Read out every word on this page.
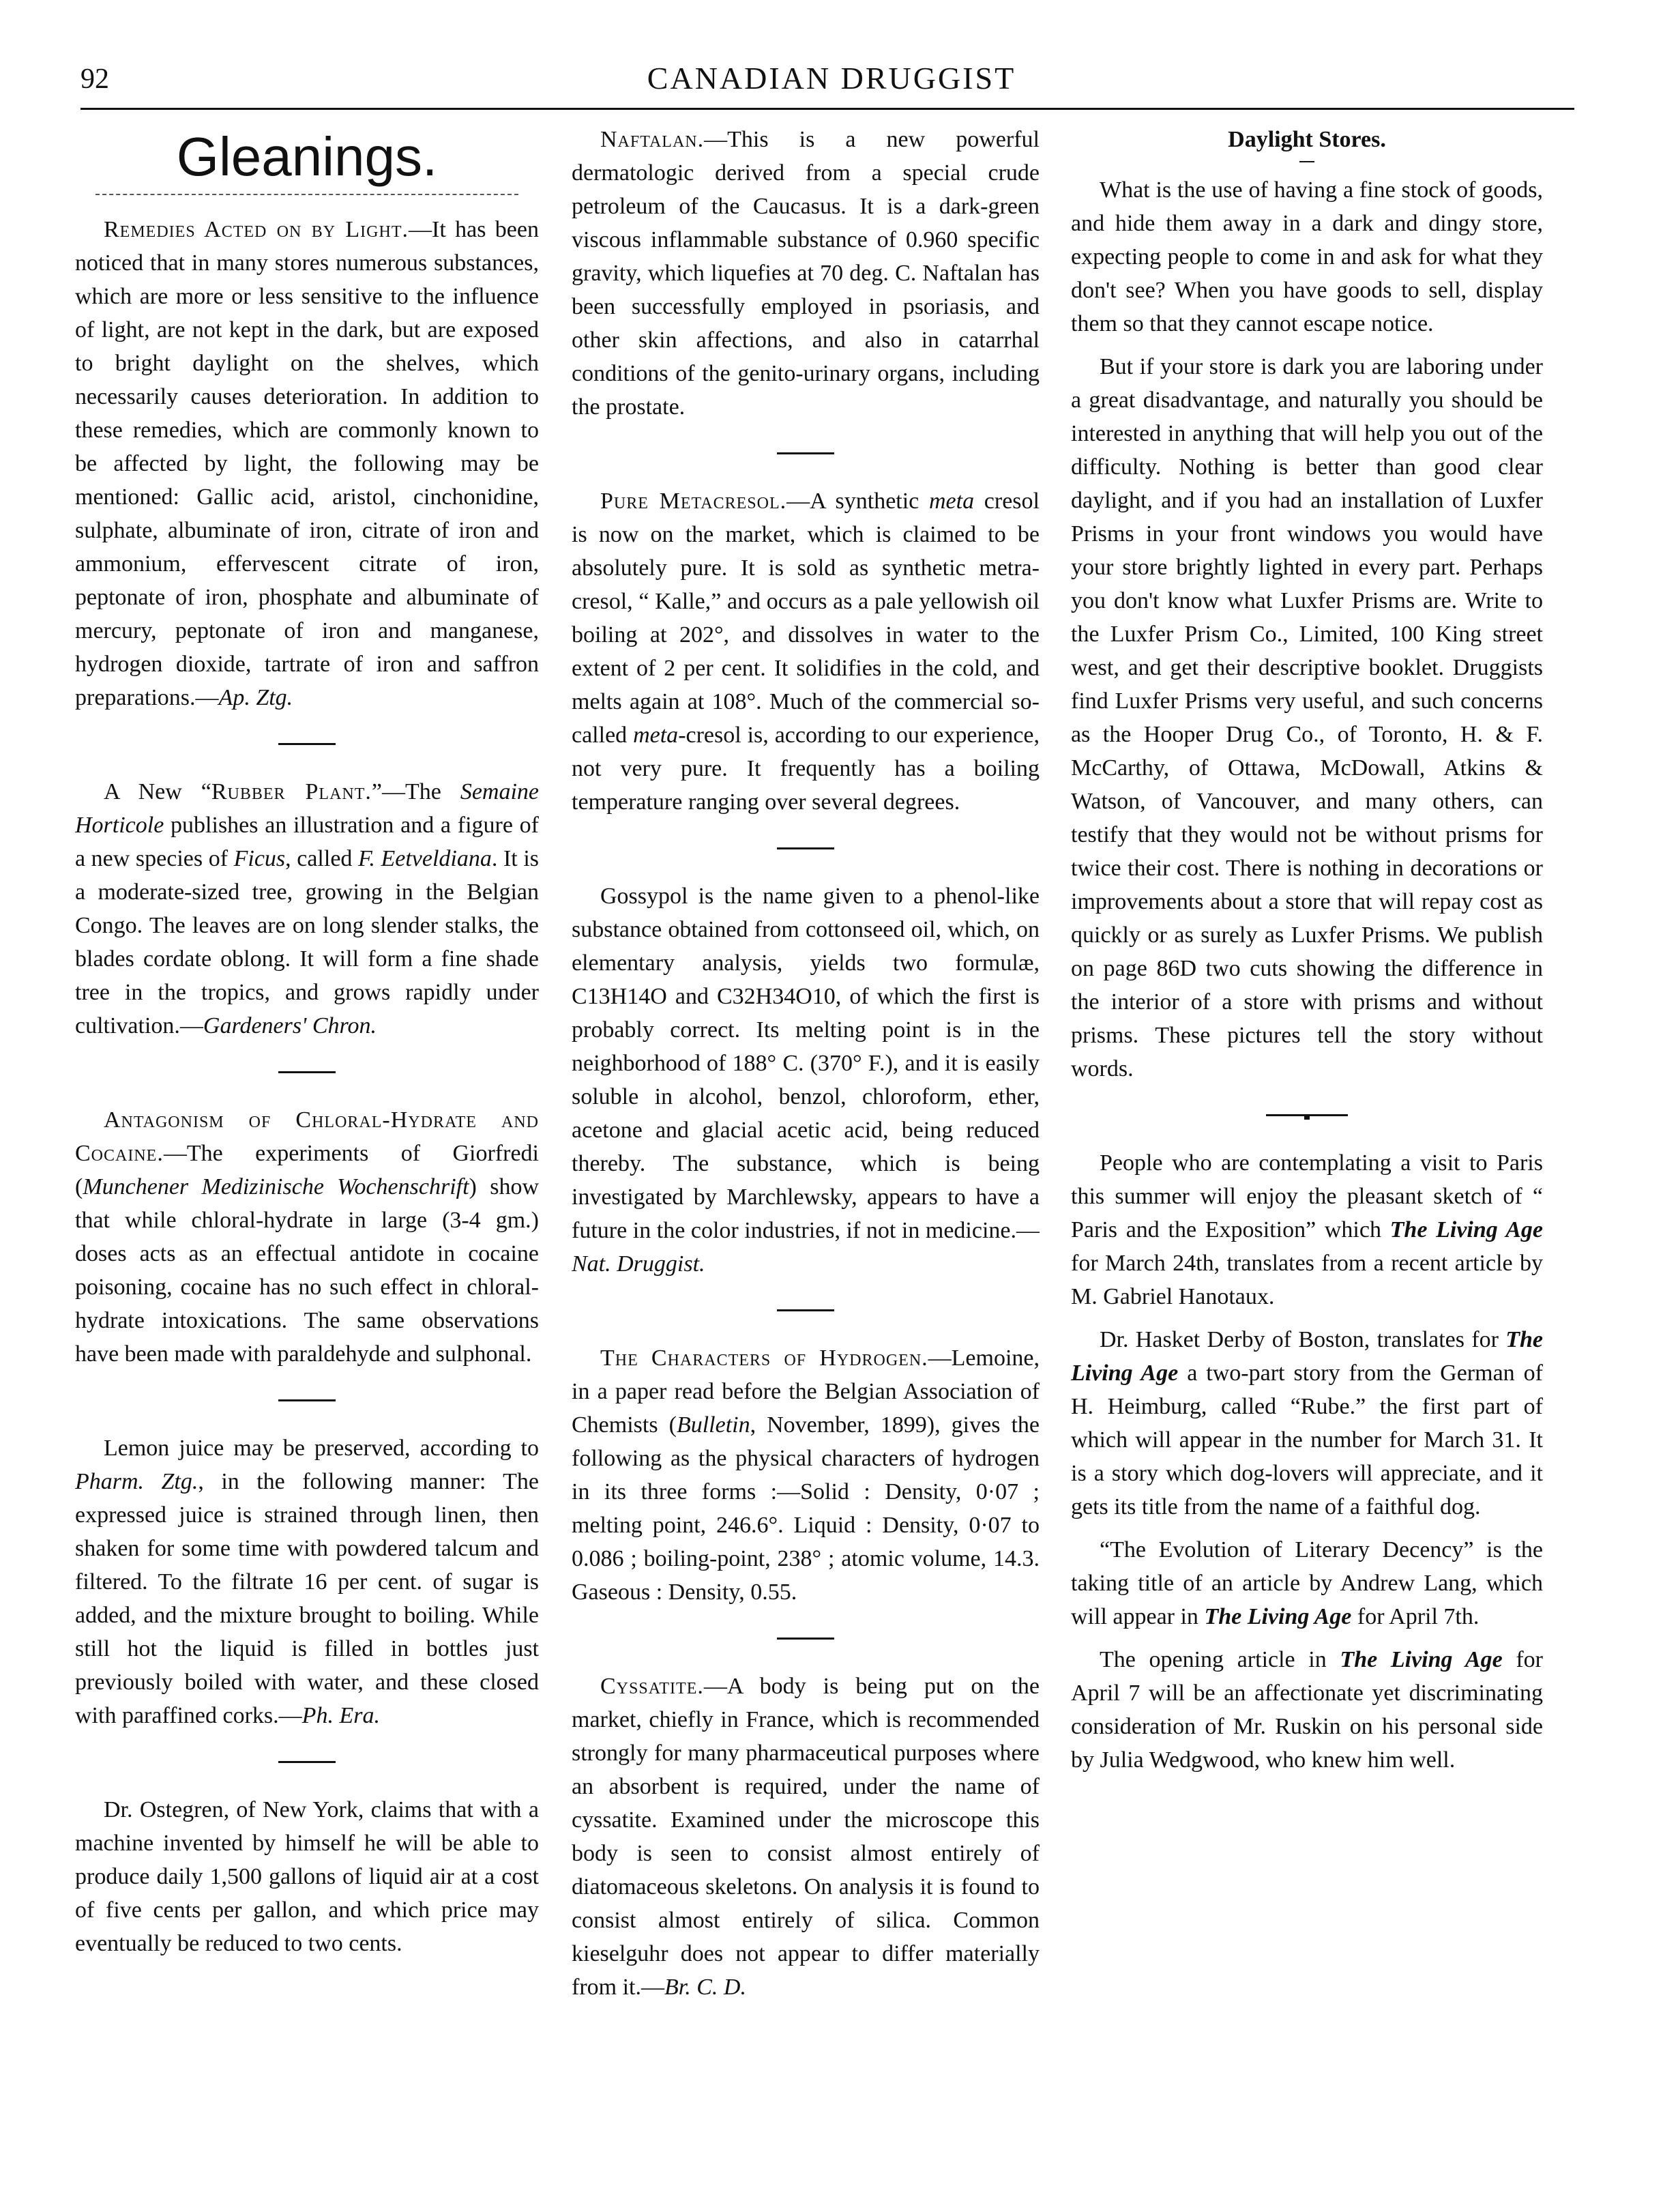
92	CANADIAN DRUGGIST
Gleanings.

Remedies Acted on by Light.—It has been noticed that in many stores numerous substances, which are more or less sensitive to the influence of light, are not kept in the dark, but are exposed to bright daylight on the shelves, which necessarily causes deterioration. In addition to these remedies, which are commonly known to be affected by light, the following may be mentioned: Gallic acid, aristol, cinchonidine, sulphate, albuminate of iron, citrate of iron and ammonium, effervescent citrate of iron, peptonate of iron, phosphate and albuminate of mercury, peptonate of iron and manganese, hydrogen dioxide, tartrate of iron and saffron preparations.—Ap. Ztg.

A New “Rubber Plant.”—The Semaine Horticole publishes an illustration and a figure of a new species of Ficus, called F. Eetveldiana. It is a moderate-sized tree, growing in the Belgian Congo. The leaves are on long slender stalks, the blades cordate oblong. It will form a fine shade tree in the tropics, and grows rapidly under cultivation.—Gardeners' Chron.

Antagonism of Chloral-Hydrate and Cocaine.—The experiments of Giorfredi (Munchener Medizinische Wochenschrift) show that while chloral-hydrate in large (3-4 gm.) doses acts as an effectual antidote in cocaine poisoning, cocaine has no such effect in chloral-hydrate intoxications. The same observations have been made with paraldehyde and sulphonal.

Lemon juice may be preserved, according to Pharm. Ztg., in the following manner: The expressed juice is strained through linen, then shaken for some time with powdered talcum and filtered. To the filtrate 16 per cent. of sugar is added, and the mixture brought to boiling. While still hot the liquid is filled in bottles just previously boiled with water, and these closed with paraffined corks.—Ph. Era.

Dr. Ostegren, of New York, claims that with a machine invented by himself he will be able to produce daily 1,500 gallons of liquid air at a cost of five cents per gallon, and which price may eventually be reduced to two cents.

Naftalan.—This is a new powerful dermatologic derived from a special crude petroleum of the Caucasus. It is a dark-green viscous inflammable substance of 0.960 specific gravity, which liquefies at 70 deg. C. Naftalan has been successfully employed in psoriasis, and other skin affections, and also in catarrhal conditions of the genito-urinary organs, including the prostate.

Pure Metacresol.—A synthetic meta cresol is now on the market, which is claimed to be absolutely pure. It is sold as synthetic metra-cresol, “ Kalle,” and occurs as a pale yellowish oil boiling at 202°, and dissolves in water to the extent of 2 per cent. It solidifies in the cold, and melts again at 108°. Much of the commercial so-called meta-cresol is, according to our experience, not very pure. It frequently has a boiling temperature ranging over several degrees.

Gossypol is the name given to a phenol-like substance obtained from cottonseed oil, which, on elementary analysis, yields two formulæ, C13H14O and C32H34O10, of which the first is probably correct. Its melting point is in the neighborhood of 188° C. (370° F.), and it is easily soluble in alcohol, benzol, chloroform, ether, acetone and glacial acetic acid, being reduced thereby. The substance, which is being investigated by Marchlewsky, appears to have a future in the color industries, if not in medicine.—Nat. Druggist.

The Characters of Hydrogen.—Lemoine, in a paper read before the Belgian Association of Chemists (Bulletin, November, 1899), gives the following as the physical characters of hydrogen in its three forms :—Solid : Density, 0·07 ; melting point, 246.6°. Liquid : Density, 0·07 to 0.086 ; boiling-point, 238° ; atomic volume, 14.3. Gaseous : Density, 0.55.

Cyssatite.—A body is being put on the market, chiefly in France, which is recommended strongly for many pharmaceutical purposes where an absorbent is required, under the name of cyssatite. Examined under the microscope this body is seen to consist almost entirely of diatomaceous skeletons. On analysis it is found to consist almost entirely of silica. Common kieselguhr does not appear to differ materially from it.—Br. C. D.

Daylight Stores.

What is the use of having a fine stock of goods, and hide them away in a dark and dingy store, expecting people to come in and ask for what they don't see? When you have goods to sell, display them so that they cannot escape notice.

But if your store is dark you are laboring under a great disadvantage, and naturally you should be interested in anything that will help you out of the difficulty. Nothing is better than good clear daylight, and if you had an installation of Luxfer Prisms in your front windows you would have your store brightly lighted in every part. Perhaps you don't know what Luxfer Prisms are. Write to the Luxfer Prism Co., Limited, 100 King street west, and get their descriptive booklet. Druggists find Luxfer Prisms very useful, and such concerns as the Hooper Drug Co., of Toronto, H. & F. McCarthy, of Ottawa, McDowall, Atkins & Watson, of Vancouver, and many others, can testify that they would not be without prisms for twice their cost. There is nothing in decorations or improvements about a store that will repay cost as quickly or as surely as Luxfer Prisms. We publish on page 86D two cuts showing the difference in the interior of a store with prisms and without prisms. These pictures tell the story without words.

People who are contemplating a visit to Paris this summer will enjoy the pleasant sketch of “ Paris and the Exposition” which The Living Age for March 24th, translates from a recent article by M. Gabriel Hanotaux.

Dr. Hasket Derby of Boston, translates for The Living Age a two-part story from the German of H. Heimburg, called “Rube.” the first part of which will appear in the number for March 31. It is a story which dog-lovers will appreciate, and it gets its title from the name of a faithful dog.

“The Evolution of Literary Decency” is the taking title of an article by Andrew Lang, which will appear in The Living Age for April 7th.

The opening article in The Living Age for April 7 will be an affectionate yet discriminating consideration of Mr. Ruskin on his personal side by Julia Wedgwood, who knew him well.
